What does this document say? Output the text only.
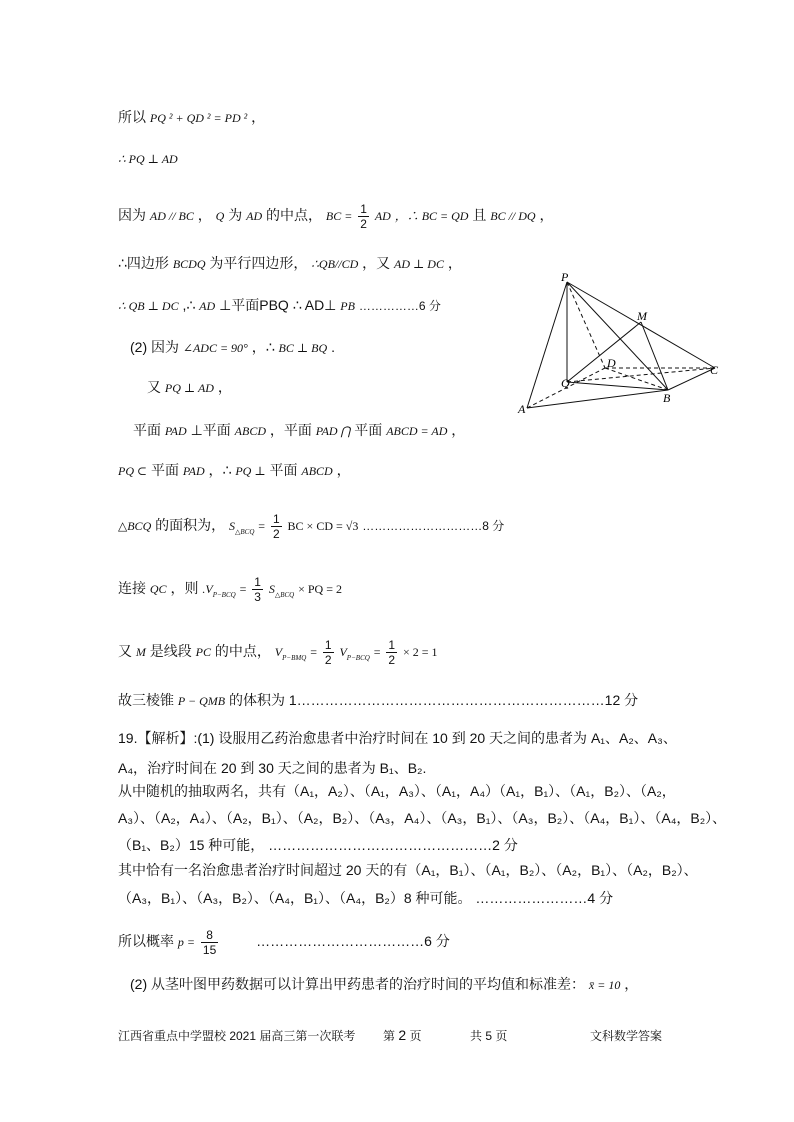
所以 PQ ² + QD ² = PD ² ，
∴ PQ ⊥ AD
因为 AD // BC ， Q 为 AD 的中点， BC = $\frac{1}{2}$ AD ，∴ BC = QD 且 BC // DQ ，
∴四边形 BCDQ 为平行四边形， ∴QB//CD ，又 AD ⊥ DC ，
∴ QB ⊥ DC ,∴ AD ⊥平面PBQ ∴ AD⊥ PB ……………6 分
(2) 因为 ∠ADC = 90° ，∴ BC ⊥ BQ .
又 PQ ⊥ AD ，
平面 PAD ⊥平面 ABCD ，平面 PAD ⋂ 平面 ABCD = AD ，
PQ ⊂ 平面 PAD ，∴ PQ ⊥ 平面 ABCD ，
△BCQ 的面积为， $S_{\triangle BCQ} = \frac{1}{2}$ BC × CD = √3 …………………………8 分
连接 QC ，则 $.V_{P-BCQ} = \frac{1}{3} S_{\triangle BCQ}$ × PQ = 2
又 M 是线段 PC 的中点， $V_{P-BMQ} = \frac{1}{2} V_{P-BCQ} = \frac{1}{2} \times 2 = 1$
故三棱锥 P − QMB 的体积为 1…………………………………………………………12 分
19.【解析】:(1) 设服用乙药治愈患者中治疗时间在 10 到 20 天之间的患者为 A₁、A₂、A₃、
A₄，治疗时间在 20 到 30 天之间的患者为 B₁、B₂.
从中随机的抽取两名，共有（A₁，A₂）、（A₁，A₃）、（A₁，A₄）（A₁，B₁）、（A₁，B₂）、（A₂，
A₃）、（A₂，A₄）、（A₂，B₁）、（A₂，B₂）、（A₃，A₄）、（A₃，B₁）、（A₃，B₂）、（A₄，B₁）、（A₄，B₂）、
（B₁、B₂）15 种可能， …………………………………………2 分
其中恰有一名治愈患者治疗时间超过 20 天的有（A₁，B₁）、（A₁，B₂）、（A₂，B₁）、（A₂，B₂）、
（A₃，B₁）、（A₃，B₂）、（A₄，B₁）、（A₄，B₂）8 种可能。 ……………………4 分
所以概率 $p = \frac{8}{15}$	………………………………6 分
(2) 从茎叶图甲药数据可以计算出甲药患者的治疗时间的平均值和标准差： x̄ = 10 ，
P
M
D	C
Q
B
A
江西省重点中学盟校 2021 届高三第一次联考 第 2 页	共 5 页	文科数学答案
